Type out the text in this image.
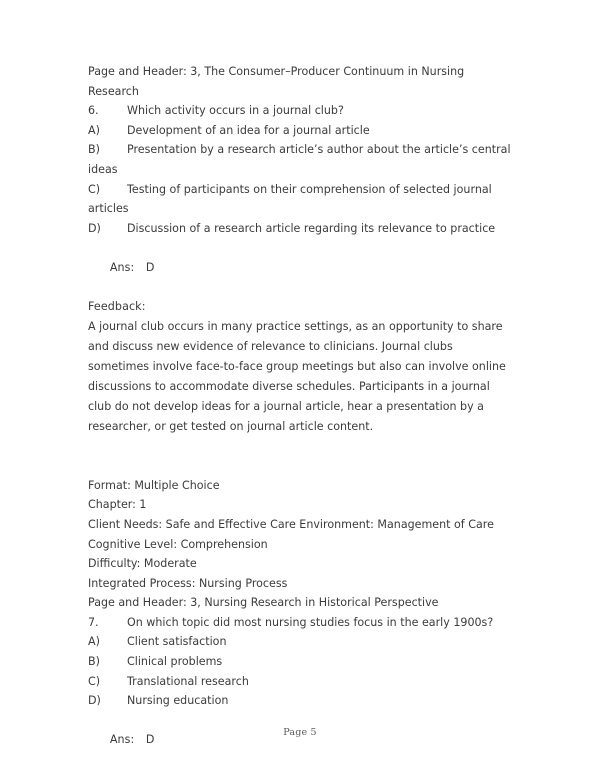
Page and Header: 3, The Consumer–Producer Continuum in Nursing Research
6.	Which activity occurs in a journal club?
A) Development of an idea for a journal article
B) Presentation by a research article’s author about the article’s central ideas
C) Testing of participants on their comprehension of selected journal articles
D) Discussion of a research article regarding its relevance to practice

Ans: D

Feedback:

A journal club occurs in many practice settings, as an opportunity to share and discuss new evidence of relevance to clinicians. Journal clubs sometimes involve face-to-face group meetings but also can involve online discussions to accommodate diverse schedules. Participants in a journal club do not develop ideas for a journal article, hear a presentation by a researcher, or get tested on journal article content.

Format: Multiple Choice
Chapter: 1
Client Needs: Safe and Effective Care Environment: Management of Care
Cognitive Level: Comprehension
Difficulty: Moderate
Integrated Process: Nursing Process
Page and Header: 3, Nursing Research in Historical Perspective
7.	On which topic did most nursing studies focus in the early 1900s?
A) Client satisfaction
B) Clinical problems
C) Translational research
D) Nursing education

Ans: D

Page 5
